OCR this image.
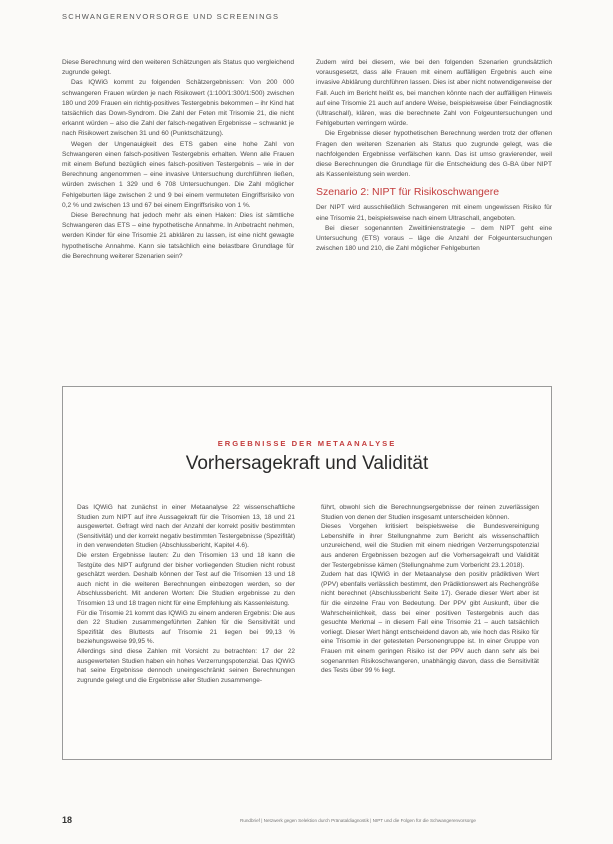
SCHWANGERENVORSORGE UND SCREENINGS

Diese Berechnung wird den weiteren Schätzungen als Status quo vergleichend zugrunde gelegt.

Das IQWiG kommt zu folgenden Schätzergebnissen: Von 200 000 schwangeren Frauen würden je nach Risikowert (1:100/1:300/1:500) zwischen 180 und 209 Frauen ein richtig-positives Testergebnis bekommen – ihr Kind hat tatsächlich das Down-Syndrom. Die Zahl der Feten mit Trisomie 21, die nicht erkannt würden – also die Zahl der falsch-negativen Ergebnisse – schwankt je nach Risikowert zwischen 31 und 60 (Punktschätzung).

Wegen der Ungenauigkeit des ETS gaben eine hohe Zahl von Schwangeren einen falsch-positiven Testergebnis erhalten. Wenn alle Frauen mit einem Befund bezüglich eines falsch-positiven Testergebnis – wie in der Berechnung angenommen – eine invasive Untersuchung durchführen ließen, würden zwischen 1 329 und 6 708 Untersuchungen. Die Zahl möglicher Fehlgeburten läge zwischen 2 und 9 bei einem vermuteten Eingriffsrisiko von 0,2 % und zwischen 13 und 67 bei einem Eingriffsrisiko von 1 %.

Diese Berechnung hat jedoch mehr als einen Haken: Dies ist sämtliche Schwangeren das ETS – eine hypothetische Annahme. In Anbetracht nehmen, werden Kinder für eine Trisomie 21 abklären zu lassen, ist eine nicht gewagte hypothetische Annahme. Kann sie tatsächlich eine belastbare Grundlage für die Berechnung weiterer Szenarien sein?

Zudem wird bei diesem, wie bei den folgenden Szenarien grundsätzlich vorausgesetzt, dass alle Frauen mit einem auffälligen Ergebnis auch eine invasive Abklärung durchführen lassen. Dies ist aber nicht notwendigerweise der Fall. Auch im Bericht heißt es, bei manchen könnte nach der auffälligen Hinweis auf eine Trisomie 21 auch auf andere Weise, beispielsweise über Feindiagnostik (Ultraschall), klären, was die berechnete Zahl von Folgeuntersuchungen und Fehlgeburten verringern würde.

Die Ergebnisse dieser hypothetischen Berechnung werden trotz der offenen Fragen den weiteren Szenarien als Status quo zugrunde gelegt, was die nachfolgenden Ergebnisse verfälschen kann. Das ist umso gravierender, weil diese Berechnungen die Grundlage für die Entscheidung des G-BA über NIPT als Kassenleistung sein werden.

Szenario 2: NIPT für Risikoschwangere

Der NIPT wird ausschließlich Schwangeren mit einem ungewissen Risiko für eine Trisomie 21, beispielsweise nach einem Ultraschall, angeboten.

Bei dieser sogenannten Zweitlinienstrategie – dem NIPT geht eine Untersuchung (ETS) voraus – läge die Anzahl der Folgeuntersuchungen zwischen 180 und 210, die Zahl möglicher Fehlgeburten

ERGEBNISSE DER METAANALYSE
Vorhersagekraft und Validität

Das IQWiG hat zunächst in einer Metaanalyse 22 wissenschaftliche Studien zum NIPT auf ihre Aussagekraft für die Trisomien 13, 18 und 21 ausgewertet. Gefragt wird nach der Anzahl der korrekt positiv bestimmten (Sensitivität) und der korrekt negativ bestimmten Testergebnisse (Spezifität) in den verwendeten Studien (Abschlussbericht, Kapitel 4.6).

Die ersten Ergebnisse lauten: Zu den Trisomien 13 und 18 kann die Testgüte des NIPT aufgrund der bisher vorliegenden Studien nicht robust geschätzt werden. Deshalb können der Test auf die Trisomien 13 und 18 auch nicht in die weiteren Berechnungen einbezogen werden, so der Abschlussbericht. Mit anderen Worten: Die Studien ergebnisse zu den Trisomien 13 und 18 tragen nicht für eine Empfehlung als Kassenleistung.

Für die Trisomie 21 kommt das IQWiG zu einem anderen Ergebnis: Die aus den 22 Studien zusammengeführten Zahlen für die Sensitivität und Spezifität des Bluttests auf Trisomie 21 liegen bei 99,13 % beziehungsweise 99,95 %.

Allerdings sind diese Zahlen mit Vorsicht zu betrachten: 17 der 22 ausgewerteten Studien haben ein hohes Verzerrungspotenzial. Das IQWiG hat seine Ergebnisse dennoch uneingeschränkt seinen Berechnungen zugrunde gelegt und die Ergebnisse aller Studien zusammenge-

führt, obwohl sich die Berechnungsergebnisse der reinen zuverlässigen Studien von denen der Studien insgesamt unterscheiden können.

Dieses Vorgehen kritisiert beispielsweise die Bundesvereinigung Lebenshilfe in ihrer Stellungnahme zum Bericht als wissenschaftlich unzureichend, weil die Studien mit einem niedrigen Verzerrungspotenzial aus anderen Ergebnissen bezogen auf die Vorhersagekraft und Validität der Testergebnisse kämen (Stellungnahme zum Vorbericht 23.1.2018).

Zudem hat das IQWiG in der Metaanalyse den positiv prädiktiven Wert (PPV) ebenfalls verlässlich bestimmt, den Prädiktionswert als Rechengröße nicht berechnet (Abschlussbericht Seite 17). Gerade dieser Wert aber ist für die einzelne Frau von Bedeutung. Der PPV gibt Auskunft, über die Wahrscheinlichkeit, dass bei einer positiven Testergebnis auch das gesuchte Merkmal – in diesem Fall eine Trisomie 21 – auch tatsächlich vorliegt. Dieser Wert hängt entscheidend davon ab, wie hoch das Risiko für eine Trisomie in der getesteten Personengruppe ist. In einer Gruppe von Frauen mit einem geringen Risiko ist der PPV auch dann sehr als bei sogenannten Risikoschwangeren, unabhängig davon, dass die Sensitivität des Tests über 99 % liegt.

18	Rundbrief | Netzwerk gegen Selektion durch Pränataldiagnostik | NIPT und die Folgen für die Schwangerenvorsorge
